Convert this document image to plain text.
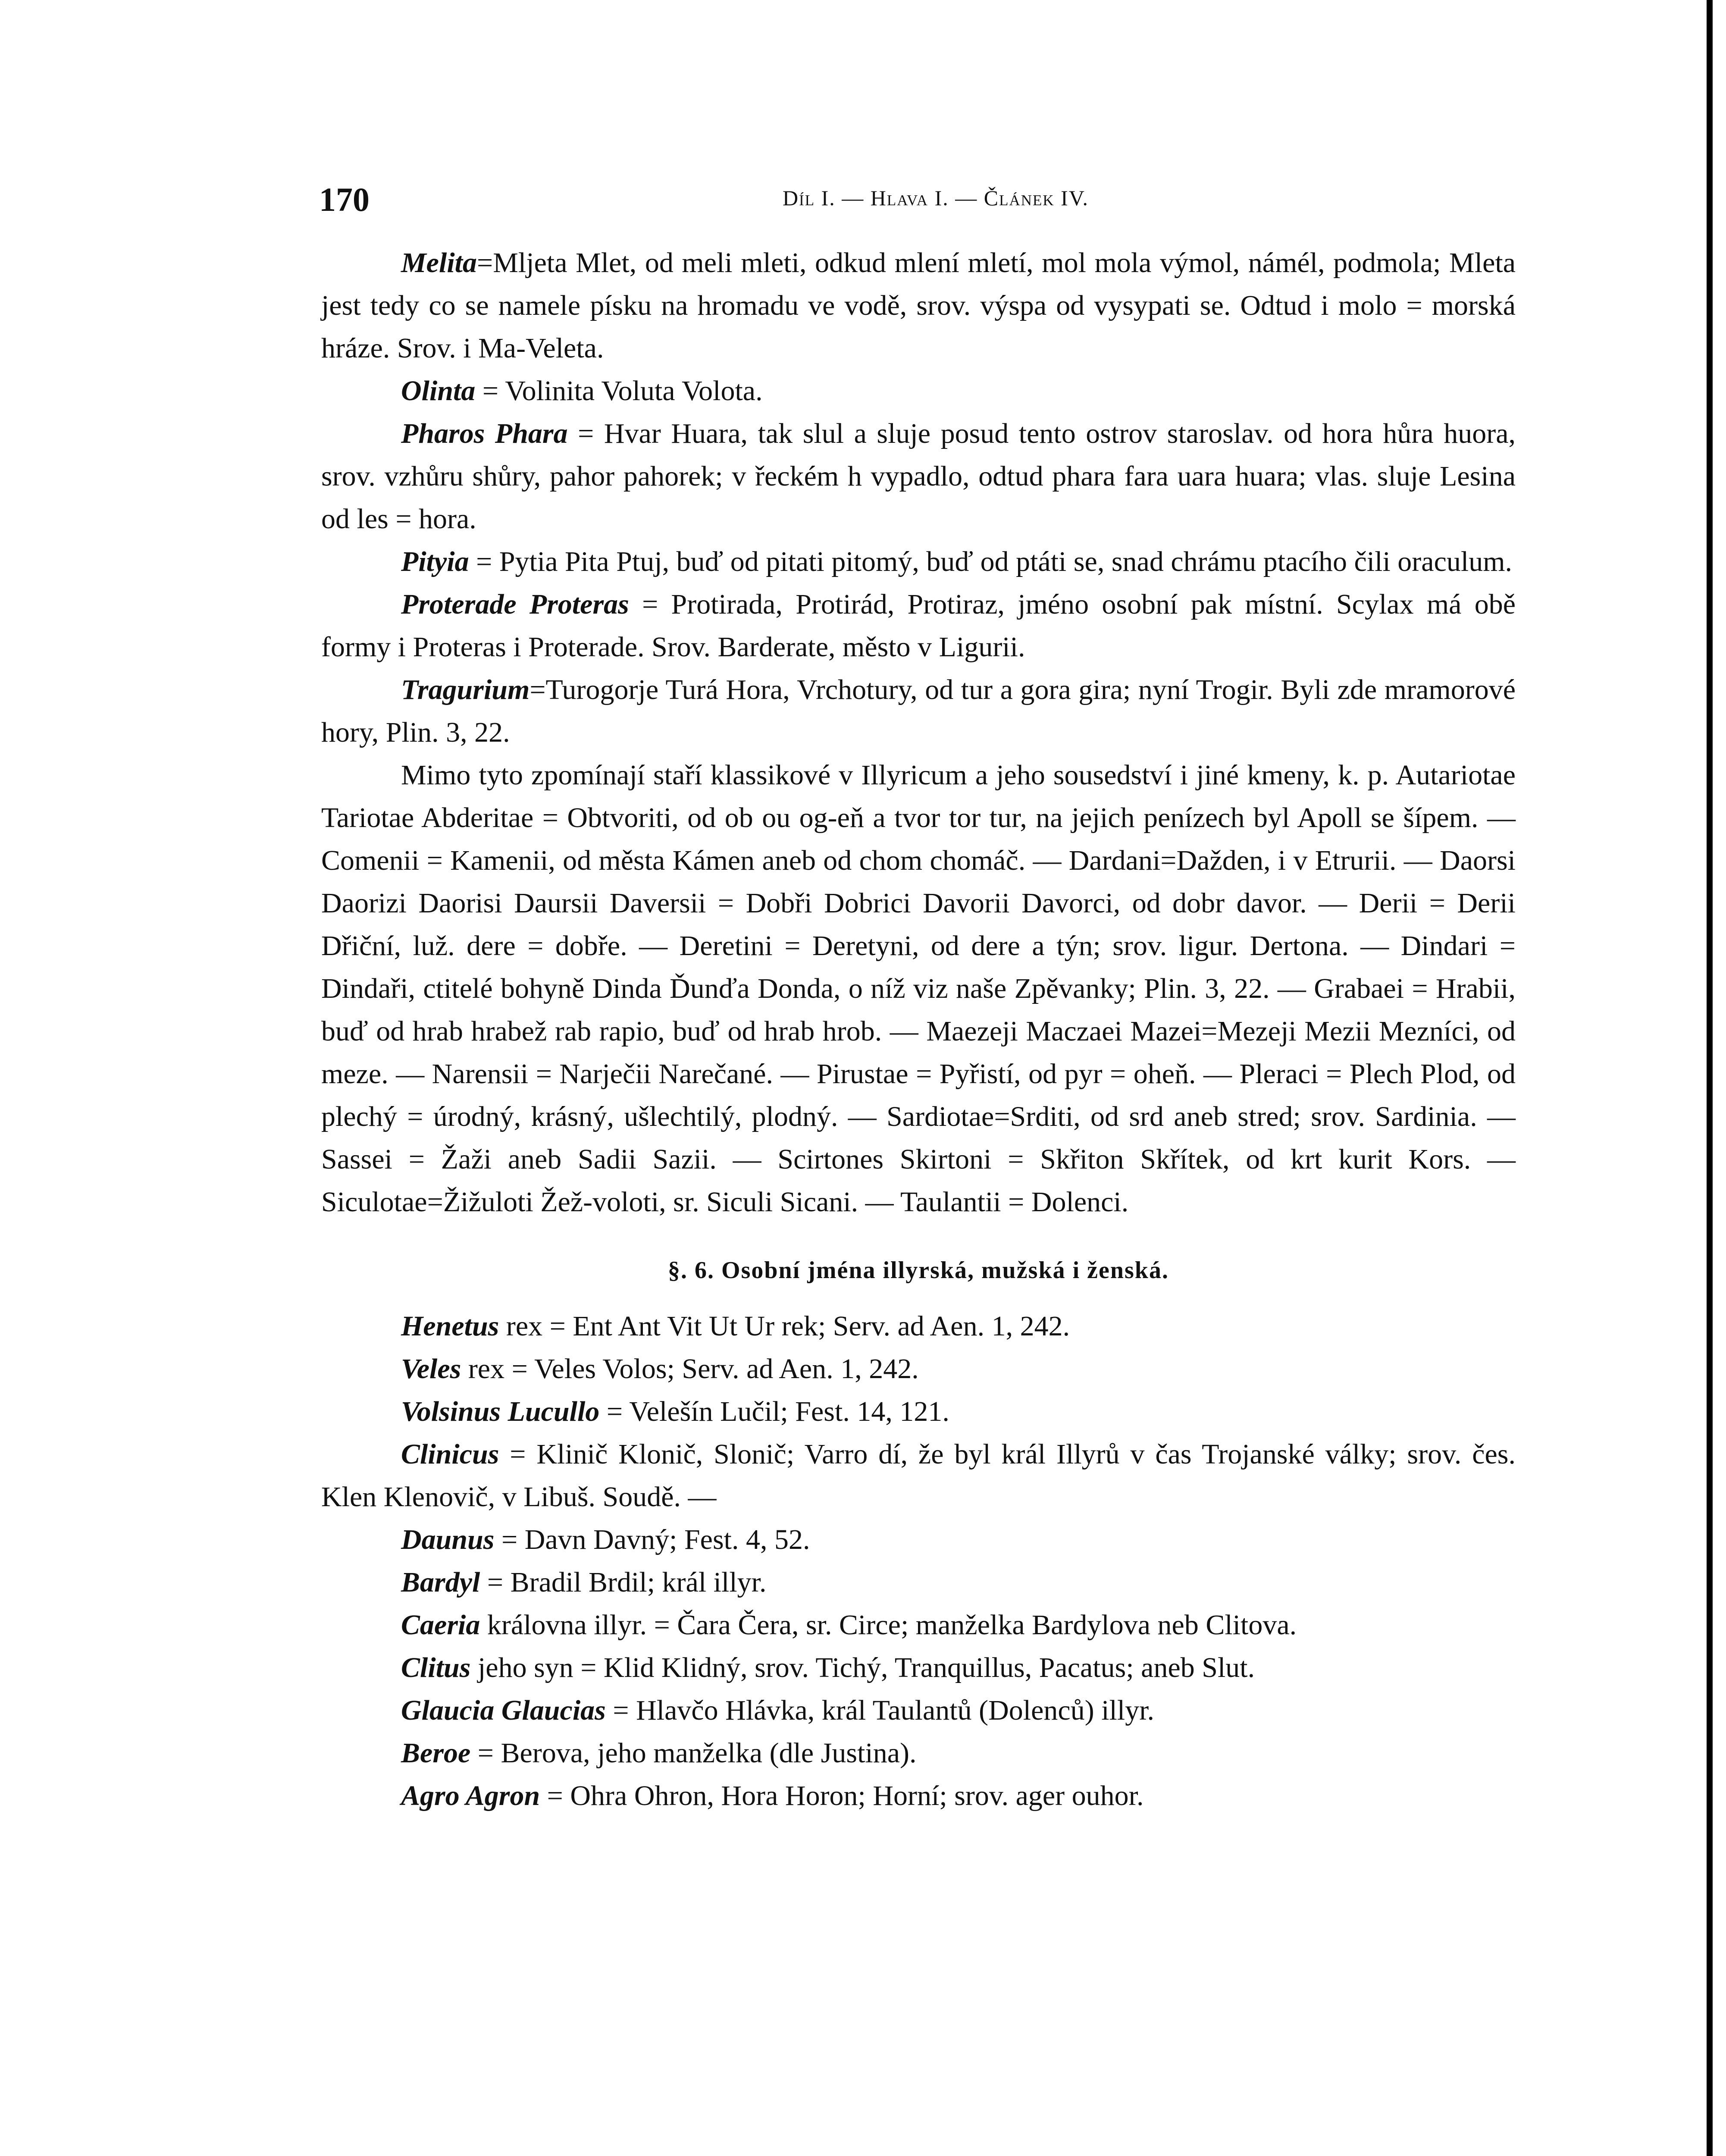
170	Díl I. — Hlava I. — Článek IV.

Melita=Mljeta Mlet, od meli mleti, odkud mlení mletí, mol mola výmol, námél, podmola; Mleta jest tedy co se namele písku na hromadu ve vodě, srov. výspa od vysypati se. Odtud i molo = morská hráze. Srov. i Ma-Veleta.

Olinta = Volinita Voluta Volota.

Pharos Phara = Hvar Huara, tak slul a sluje posud tento ostrov staroslav. od hora hůra huora, srov. vzhůru shůry, pahor pahorek; v řeckém h vypadlo, odtud phara fara uara huara; vlas. sluje Lesina od les = hora.

Pityia = Pytia Pita Ptuj, buď od pitati pitomý, buď od ptáti se, snad chrámu ptacího čili oraculum.

Proterade Proteras = Protirada, Protirád, Protiraz, jméno osobní pak místní. Scylax má obě formy i Proteras i Proterade. Srov. Barderate, město v Ligurii.

Tragurium=Turogorje Turá Hora, Vrchotury, od tur a gora gira; nyní Trogir. Byli zde mramorové hory, Plin. 3, 22.

Mimo tyto zpomínají staří klassikové v Illyricum a jeho sousedství i jiné kmeny, k. p. Autariotae Tariotae Abderitae = Obtvoriti, od ob ou og-eň a tvor tor tur, na jejich penízech byl Apoll se šípem. — Comenii = Kamenii, od města Kámen aneb od chom chomáč. — Dardani=Dažden, i v Etrurii. — Daorsi Daorizi Daorisi Daursii Daversii = Dobři Dobrici Davorii Davorci, od dobr davor. — Derii = Derii Dřiční, luž. dere = dobře. — Deretini = Deretyni, od dere a týn; srov. ligur. Dertona. — Dindari = Dindaři, ctitelé bohyně Dinda Ďunďa Donda, o níž viz naše Zpěvanky; Plin. 3, 22. — Grabaei = Hrabii, buď od hrab hrabež rab rapio, buď od hrab hrob. — Maezeji Maczaei Mazei=Mezeji Mezii Mezníci, od meze. — Narensii = Narječii Narečané. — Pirustae = Pyřistí, od pyr = oheň. — Pleraci = Plech Plod, od plechý = úrodný, krásný, ušlechtilý, plodný. — Sardiotae=Srditi, od srd aneb stred; srov. Sardinia. — Sassei = Žaži aneb Sadii Sazii. — Scirtones Skirtoni = Skřiton Skřítek, od krt kurit Kors. — Siculotae=Žižuloti Žež-voloti, sr. Siculi Sicani. — Taulantii = Dolenci.

§. 6. Osobní jména illyrská, mužská i ženská.

Henetus rex = Ent Ant Vit Ut Ur rek; Serv. ad Aen. 1, 242.

Veles rex = Veles Volos; Serv. ad Aen. 1, 242.

Volsinus Lucullo = Velešín Lučil; Fest. 14, 121.

Clinicus = Klinič Klonič, Slonič; Varro dí, že byl král Illyrů v čas Trojanské války; srov. čes. Klen Klenovič, v Libuš. Soudě. —

Daunus = Davn Davný; Fest. 4, 52.

Bardyl = Bradil Brdil; král illyr.

Caeria královna illyr. = Čara Čera, sr. Circe; manželka Bardylova neb Clitova.

Clitus jeho syn = Klid Klidný, srov. Tichý, Tranquillus, Pacatus; aneb Slut.

Glaucia Glaucias = Hlavčo Hlávka, král Taulantů (Dolenců) illyr.

Beroe = Berova, jeho manželka (dle Justina).

Agro Agron = Ohra Ohron, Hora Horon; Horní; srov. ager ouhor.
